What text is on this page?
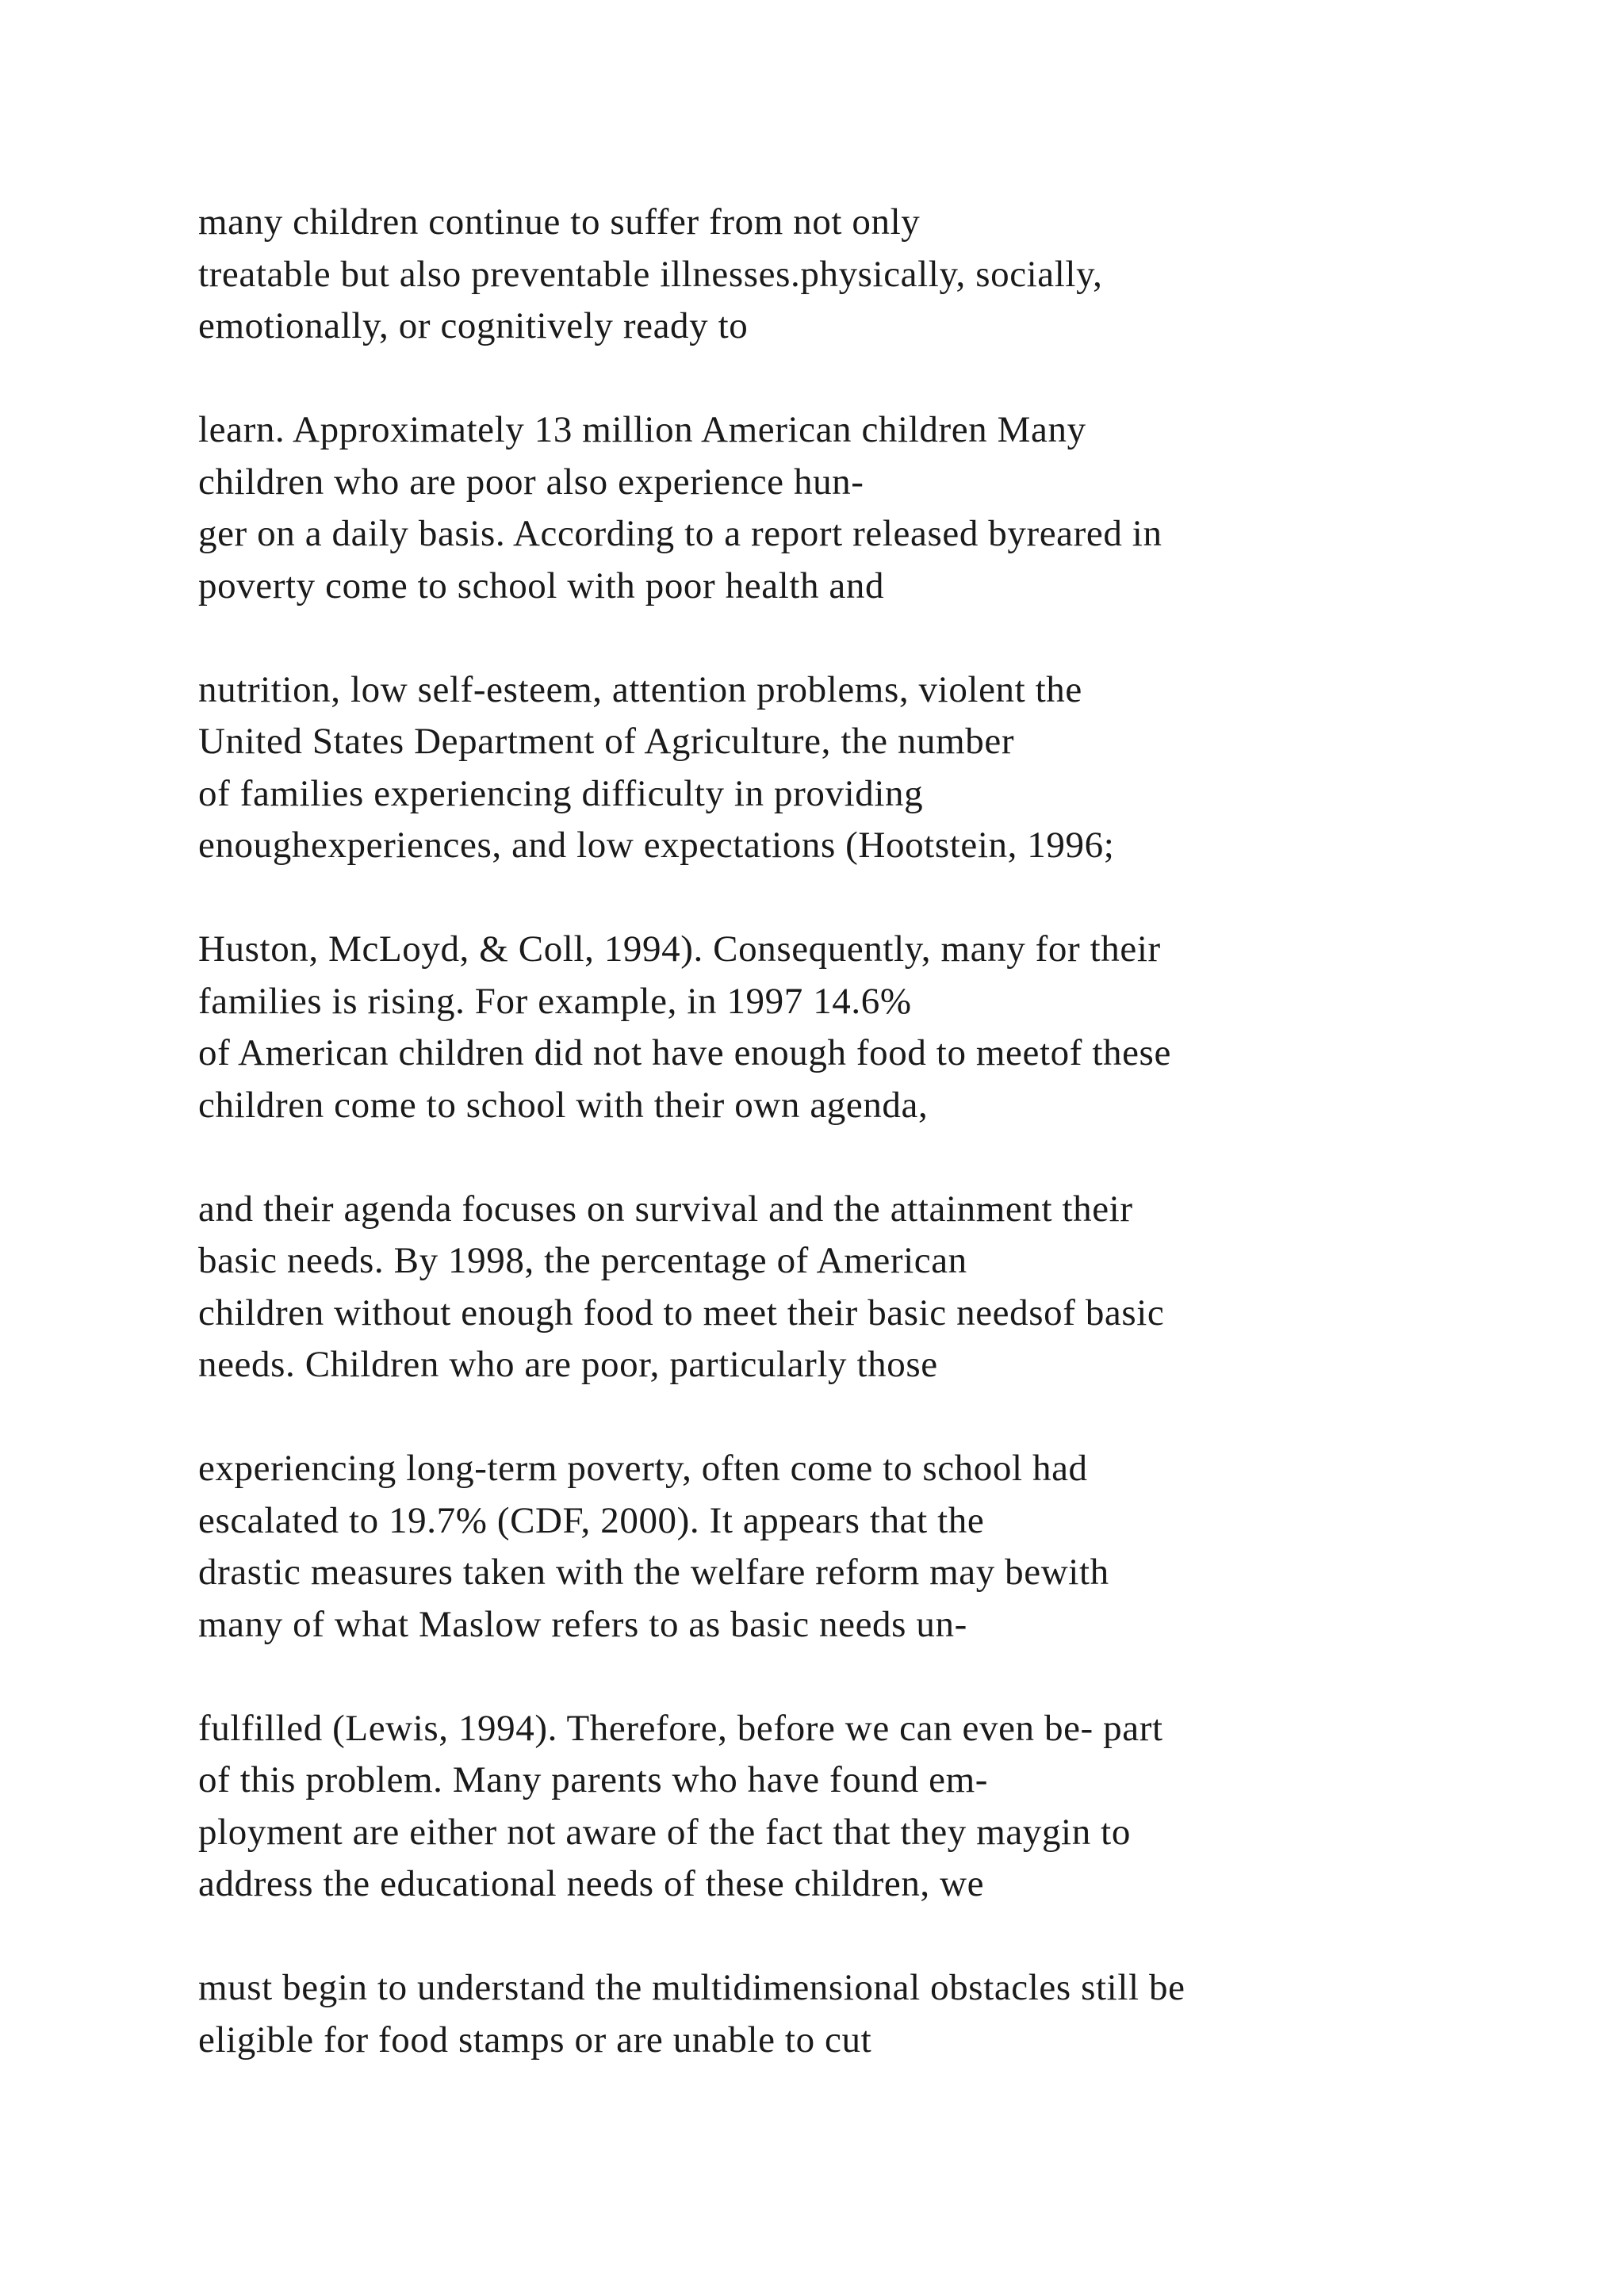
many children continue to suffer from not only
treatable but also preventable illnesses.physically, socially,
emotionally, or cognitively ready to

learn. Approximately 13 million American children Many
children who are poor also experience hun-
ger on a daily basis. According to a report released byreared in
poverty come to school with poor health and

nutrition, low self-esteem, attention problems, violent the
United States Department of Agriculture, the number
of families experiencing difficulty in providing
enoughexperiences, and low expectations (Hootstein, 1996;

Huston, McLoyd, & Coll, 1994). Consequently, many for their
families is rising. For example, in 1997 14.6%
of American children did not have enough food to meetof these
children come to school with their own agenda,

and their agenda focuses on survival and the attainment their
basic needs. By 1998, the percentage of American
children without enough food to meet their basic needsof basic
needs. Children who are poor, particularly those

experiencing long-term poverty, often come to school had
escalated to 19.7% (CDF, 2000). It appears that the
drastic measures taken with the welfare reform may bewith
many of what Maslow refers to as basic needs un-

fulfilled (Lewis, 1994). Therefore, before we can even be- part
of this problem. Many parents who have found em-
ployment are either not aware of the fact that they maygin to
address the educational needs of these children, we

must begin to understand the multidimensional obstacles still be
eligible for food stamps or are unable to cut
